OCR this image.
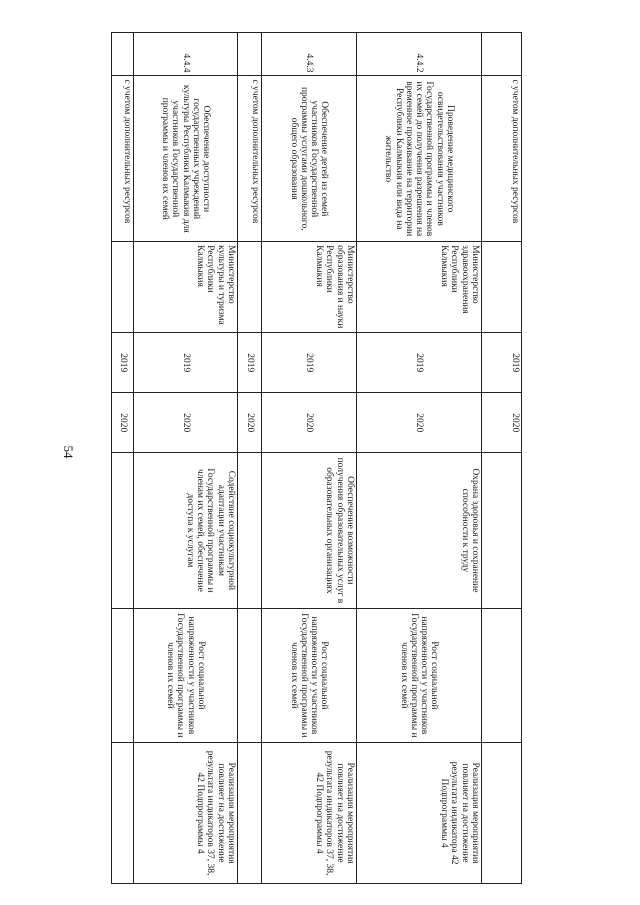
54
	с учетом дополнительных ресурсов		2019	2020			
4.4.2	Проведение медицинского освидетельствования участников Государственной программы и членов их семей до получения разрешения на временное проживание на территории Республики Калмыкия или вида на жительство	Министерство здравоохранения Республики Калмыкия	2019	2020	Охрана здоровья и сохранение способности к труду	Рост социальной напряженности у участников Государственной программы и членов их семей	Реализация мероприятия повлияет на достижение результата индикатора 42 Подпрограммы 4
4.4.3	Обеспечение детей из семей участников Государственной программы услугами дошкольного, общего образования	Министерство образования и науки Республики Калмыкия	2019	2020	Обеспечение возможности получения образовательных услуг в образовательных организациях	Рост социальной напряженности у участников Государственной программы и членов их семей	Реализация мероприятия повлияет на достижение результата индикаторов 37, 38, 42 Подпрограммы 4
	с учетом дополнительных ресурсов		2019	2020			
4.4.4	Обеспечение доступности государственных учреждений культуры Республики Калмыкия для участников Государственной программы и членов их семей	Министерство культуры и туризма Республики Калмыкия	2019	2020	Содействие социокультурной адаптации участникам Государственной программы и членам их семей, обеспечение доступа к услугам	Рост социальной напряженности у участников Государственной программы и членов их семей	Реализация мероприятия повлияет на достижение результата индикаторов 37, 38, 42 Подпрограммы 4
	с учетом дополнительных ресурсов		2019	2020			
